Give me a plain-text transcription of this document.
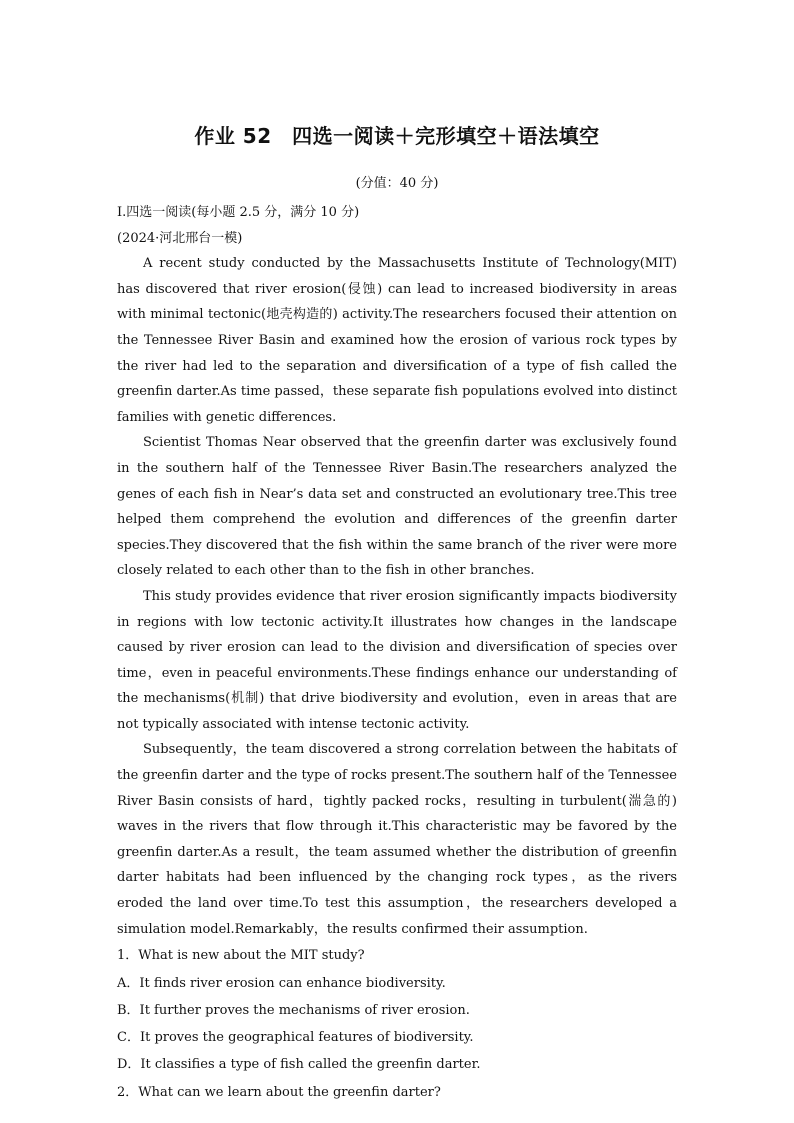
作业 52　四选一阅读＋完形填空＋语法填空
(分值：40 分)

Ⅰ.四选一阅读(每小题 2.5 分，满分 10 分)

(2024·河北邢台一模)

A recent study conducted by the Massachusetts Institute of Technology(MIT) has discovered that river erosion(侵蚀) can lead to increased biodiversity in areas with minimal tectonic(地壳构造的) activity.The researchers focused their attention on the Tennessee River Basin and examined how the erosion of various rock types by the river had led to the separation and diversification of a type of fish called the greenfin darter.As time passed，these separate fish populations evolved into distinct families with genetic differences.

Scientist Thomas Near observed that the greenfin darter was exclusively found in the southern half of the Tennessee River Basin.The researchers analyzed the genes of each fish in Near’s data set and constructed an evolutionary tree.This tree helped them comprehend the evolution and differences of the greenfin darter species.They discovered that the fish within the same branch of the river were more closely related to each other than to the fish in other branches.

This study provides evidence that river erosion significantly impacts biodiversity in regions with low tectonic activity.It illustrates how changes in the landscape caused by river erosion can lead to the division and diversification of species over time，even in peaceful environments.These findings enhance our understanding of the mechanisms(机制) that drive biodiversity and evolution，even in areas that are not typically associated with intense tectonic activity.

Subsequently，the team discovered a strong correlation between the habitats of the greenfin darter and the type of rocks present.The southern half of the Tennessee River Basin consists of hard，tightly packed rocks，resulting in turbulent(湍急的) waves in the rivers that flow through it.This characteristic may be favored by the greenfin darter.As a result，the team assumed whether the distribution of greenfin darter habitats had been influenced by the changing rock types，as the rivers eroded the land over time.To test this assumption，the researchers developed a simulation model.Remarkably，the results confirmed their assumption.

1．What is new about the MIT study?

A．It finds river erosion can enhance biodiversity.

B．It further proves the mechanisms of river erosion.

C．It proves the geographical features of biodiversity.

D．It classifies a type of fish called the greenfin darter.

2．What can we learn about the greenfin darter?
